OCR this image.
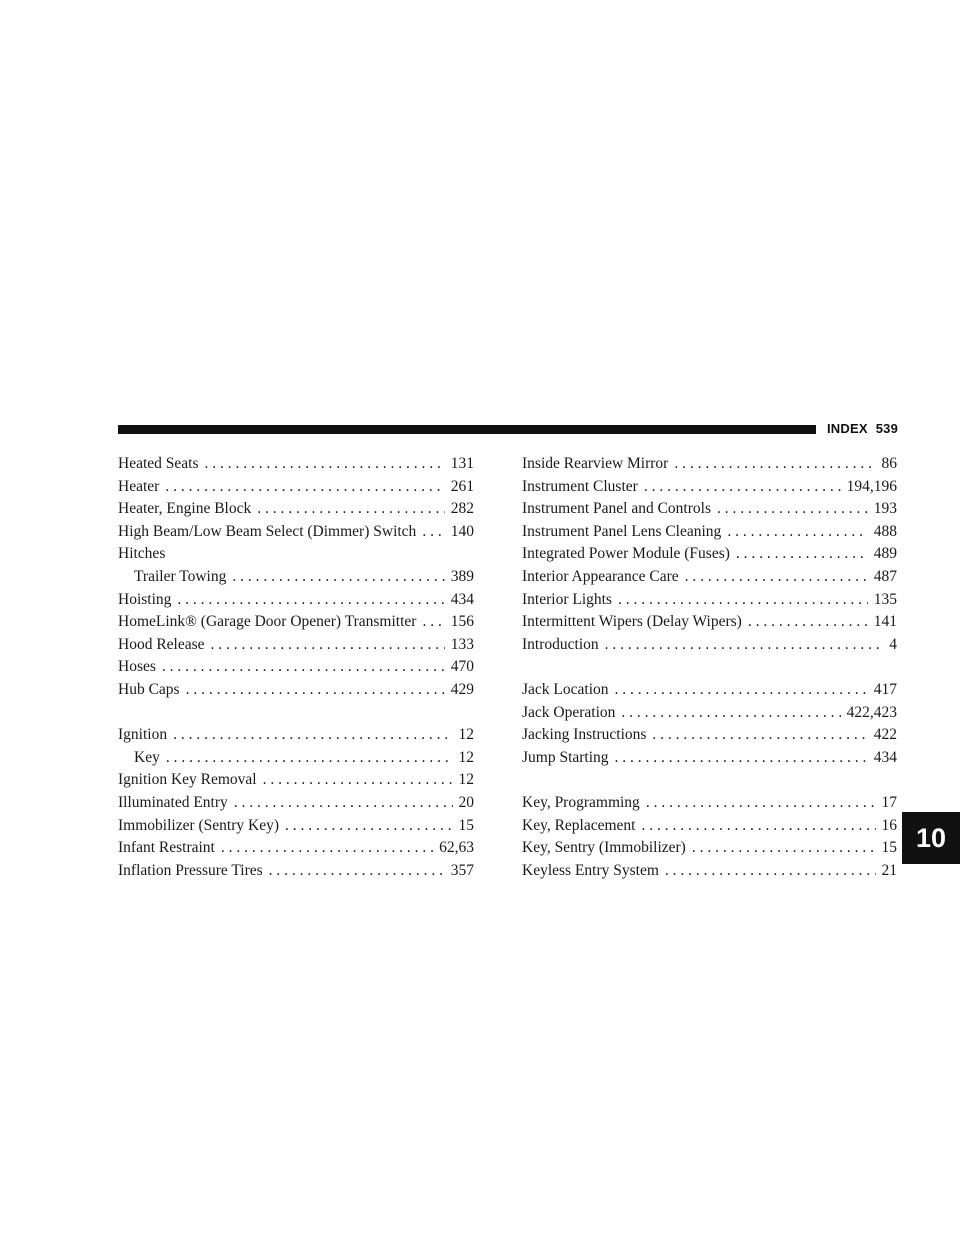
INDEX 539
Heated Seats . . .	131
Heater . . .	261
Heater, Engine Block . . .	282
High Beam/Low Beam Select (Dimmer) Switch . . . 140
Hitches
Trailer Towing . . .	389
Hoisting . . .	434
HomeLink® (Garage Door Opener) Transmitter . . . 156
Hood Release . . .	133
Hoses . . .	470
Hub Caps . . .	429
Ignition . . .	12
Key . . .	12
Ignition Key Removal . . .	12
Illuminated Entry . . .	20
Immobilizer (Sentry Key) . . .	15
Infant Restraint . . .	62,63
Inflation Pressure Tires . . .	357
Inside Rearview Mirror . . .	86
Instrument Cluster . . .	194,196
Instrument Panel and Controls . . .	193
Instrument Panel Lens Cleaning . . .	488
Integrated Power Module (Fuses) . . .	489
Interior Appearance Care . . .	487
Interior Lights . . .	135
Intermittent Wipers (Delay Wipers) . . .	141
Introduction . . .	4
Jack Location . . .	417
Jack Operation . . .	422,423
Jacking Instructions . . .	422
Jump Starting . . .	434
Key, Programming . . .	17
Key, Replacement . . .	16
Key, Sentry (Immobilizer) . . .	15
Keyless Entry System . . .	21
10
